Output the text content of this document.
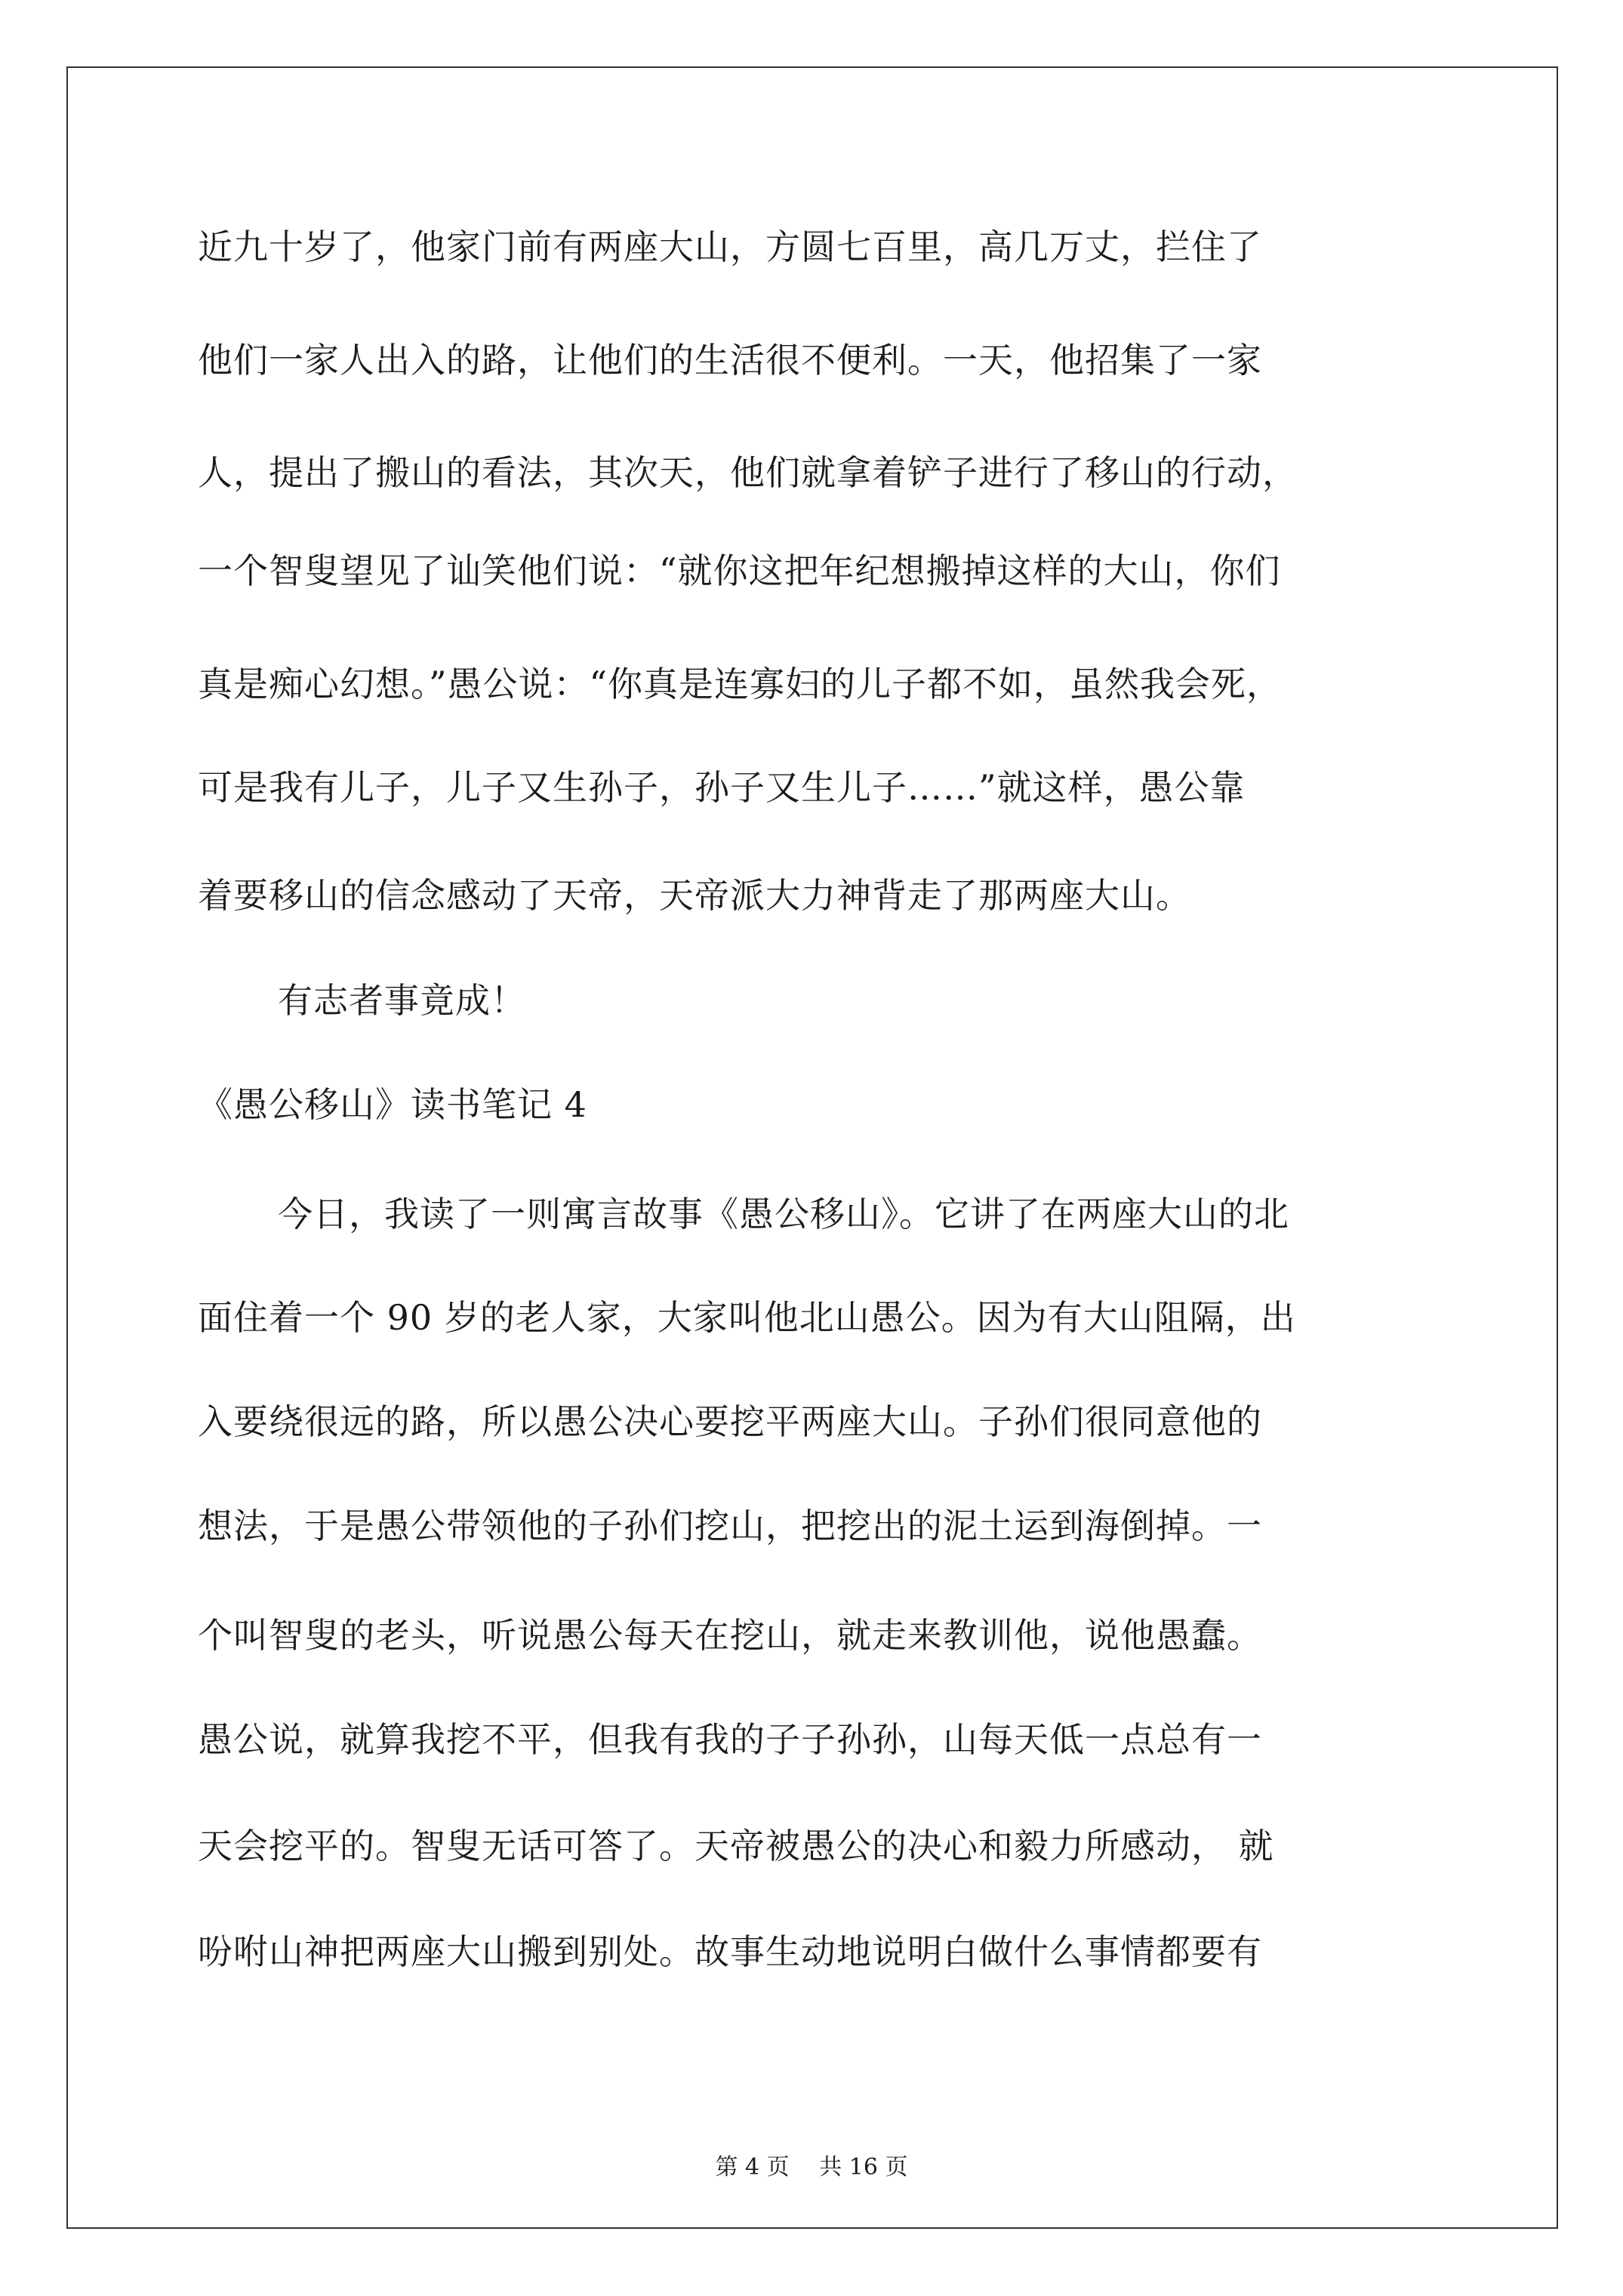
近九十岁了，他家门前有两座大山，方圆七百里，高几万丈，拦住了
他们一家人出入的路，让他们的生活很不便利。一天，他招集了一家
人，提出了搬山的看法，其次天，他们就拿着铲子进行了移山的行动，
一个智叟望见了讪笑他们说：“就你这把年纪想搬掉这样的大山，你们
真是痴心幻想。”愚公说：“你真是连寡妇的儿子都不如，虽然我会死，
可是我有儿子，儿子又生孙子，孙子又生儿子……”就这样，愚公靠
着要移山的信念感动了天帝，天帝派大力神背走了那两座大山。
有志者事竟成！
《愚公移山》读书笔记 4
今日，我读了一则寓言故事《愚公移山》。它讲了在两座大山的北
面住着一个 90 岁的老人家，大家叫他北山愚公。因为有大山阻隔，出
入要绕很远的路，所以愚公决心要挖平两座大山。子孙们很同意他的
想法，于是愚公带领他的子孙们挖山，把挖出的泥土运到海倒掉。一
个叫智叟的老头，听说愚公每天在挖山，就走来教训他，说他愚蠢。
愚公说，就算我挖不平，但我有我的子子孙孙，山每天低一点总有一
天会挖平的。智叟无话可答了。天帝被愚公的决心和毅力所感动， 就
吩咐山神把两座大山搬到别处。故事生动地说明白做什么事情都要有
第 4 页　 共 16 页
